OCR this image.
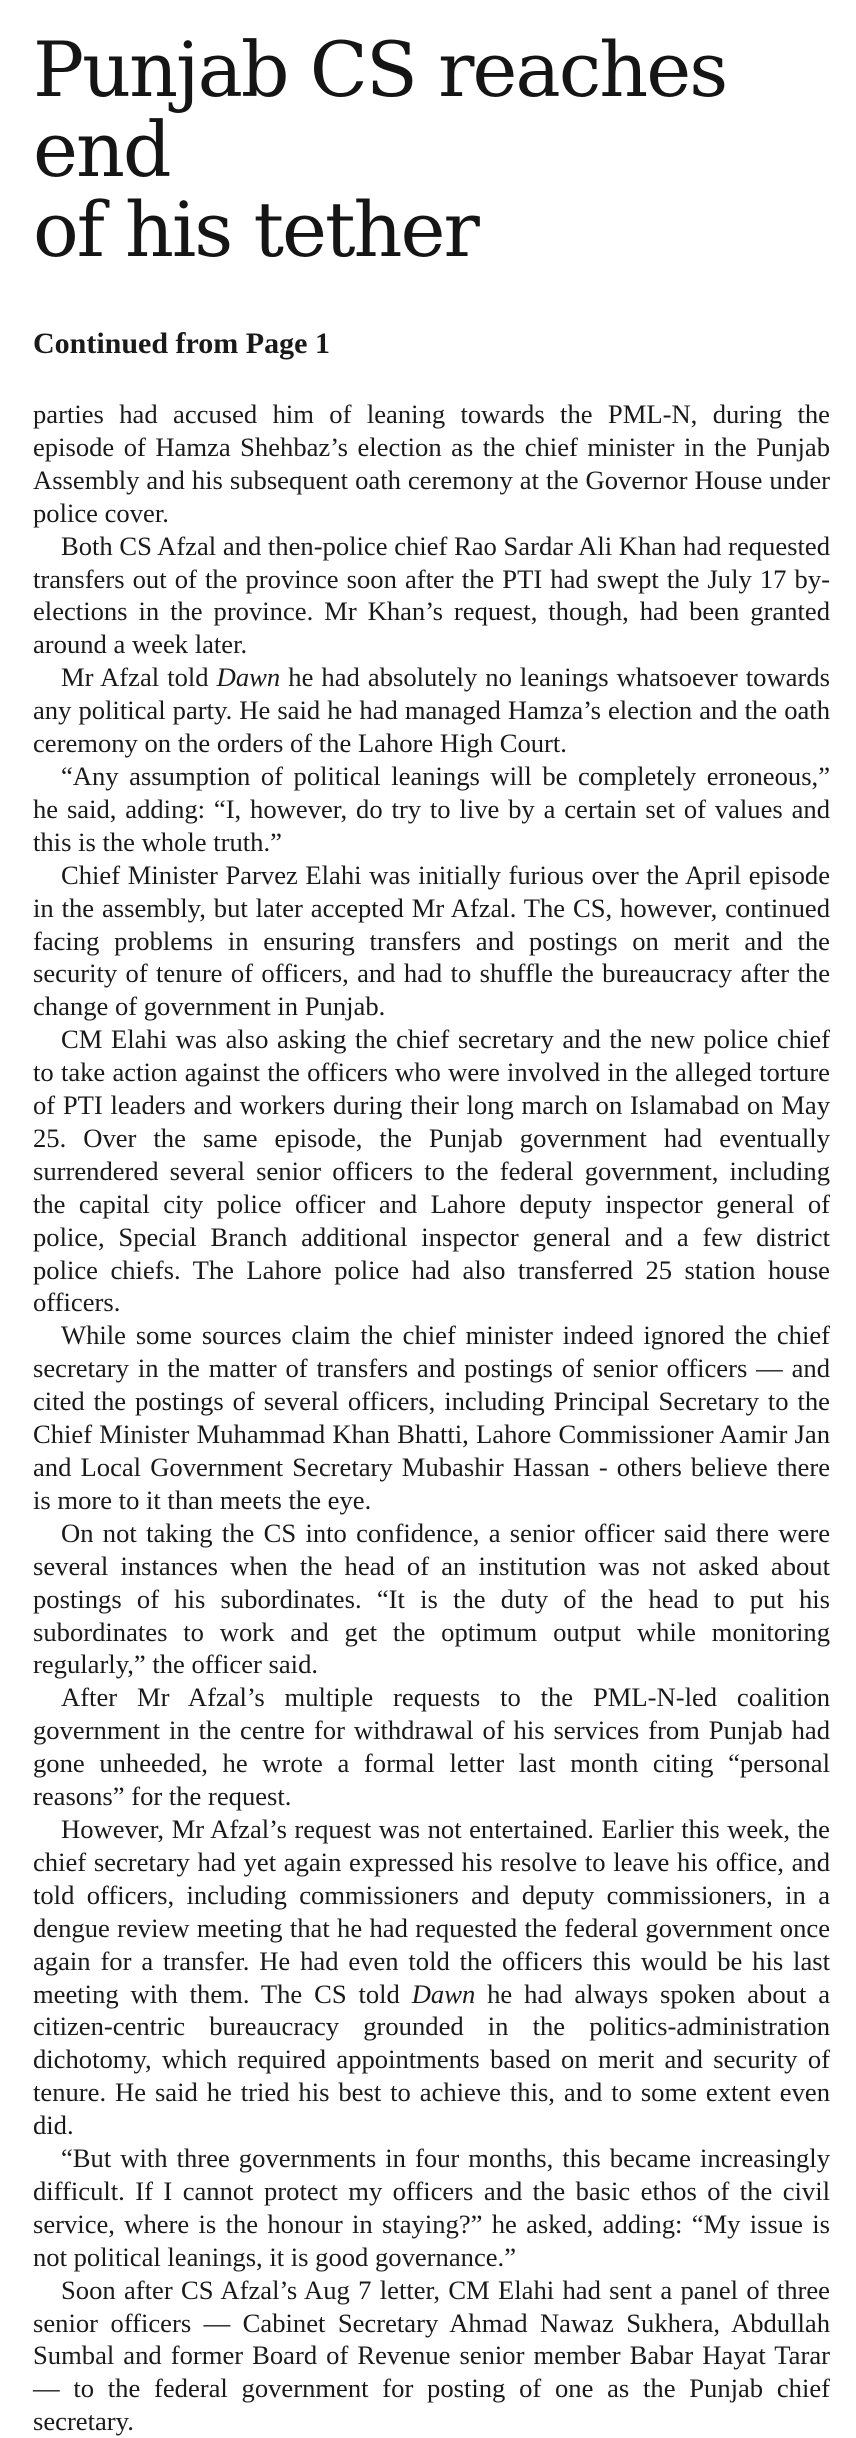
Punjab CS reaches end
of his tether
Continued from Page 1

parties had accused him of leaning towards the PML-N, during the episode of Hamza Shehbaz’s election as the chief minister in the Punjab Assembly and his subsequent oath ceremony at the Governor House under police cover.

Both CS Afzal and then-police chief Rao Sardar Ali Khan had requested transfers out of the province soon after the PTI had swept the July 17 by-elections in the province. Mr Khan’s request, though, had been granted around a week later.

Mr Afzal told Dawn he had absolutely no leanings whatsoever towards any political party. He said he had managed Hamza’s election and the oath ceremony on the orders of the Lahore High Court.

“Any assumption of political leanings will be completely erroneous,” he said, adding: “I, however, do try to live by a certain set of values and this is the whole truth.”

Chief Minister Parvez Elahi was initially furious over the April episode in the assembly, but later accepted Mr Afzal. The CS, however, continued facing problems in ensuring transfers and postings on merit and the security of tenure of officers, and had to shuffle the bureaucracy after the change of government in Punjab.

CM Elahi was also asking the chief secretary and the new police chief to take action against the officers who were involved in the alleged torture of PTI leaders and workers during their long march on Islamabad on May 25. Over the same episode, the Punjab government had eventually surrendered several senior officers to the federal government, including the capital city police officer and Lahore deputy inspector general of police, Special Branch additional inspector general and a few district police chiefs. The Lahore police had also transferred 25 station house officers.

While some sources claim the chief minister indeed ignored the chief secretary in the matter of transfers and postings of senior officers — and cited the postings of several officers, including Principal Secretary to the Chief Minister Muhammad Khan Bhatti, Lahore Commissioner Aamir Jan and Local Government Secretary Mubashir Hassan - others believe there is more to it than meets the eye.

On not taking the CS into confidence, a senior officer said there were several instances when the head of an institution was not asked about postings of his subordinates. “It is the duty of the head to put his subordinates to work and get the optimum output while monitoring regularly,” the officer said.

After Mr Afzal’s multiple requests to the PML-N-led coalition government in the centre for withdrawal of his services from Punjab had gone unheeded, he wrote a formal letter last month citing “personal reasons” for the request.

However, Mr Afzal’s request was not entertained. Earlier this week, the chief secretary had yet again expressed his resolve to leave his office, and told officers, including commissioners and deputy commissioners, in a dengue review meeting that he had requested the federal government once again for a transfer. He had even told the officers this would be his last meeting with them. The CS told Dawn he had always spoken about a citizen-centric bureaucracy grounded in the politics-administration dichotomy, which required appointments based on merit and security of tenure. He said he tried his best to achieve this, and to some extent even did.

“But with three governments in four months, this became increasingly difficult. If I cannot protect my officers and the basic ethos of the civil service, where is the honour in staying?” he asked, adding: “My issue is not political leanings, it is good governance.”

Soon after CS Afzal’s Aug 7 letter, CM Elahi had sent a panel of three senior officers — Cabinet Secretary Ahmad Nawaz Sukhera, Abdullah Sumbal and former Board of Revenue senior member Babar Hayat Tarar — to the federal government for posting of one as the Punjab chief secretary.
